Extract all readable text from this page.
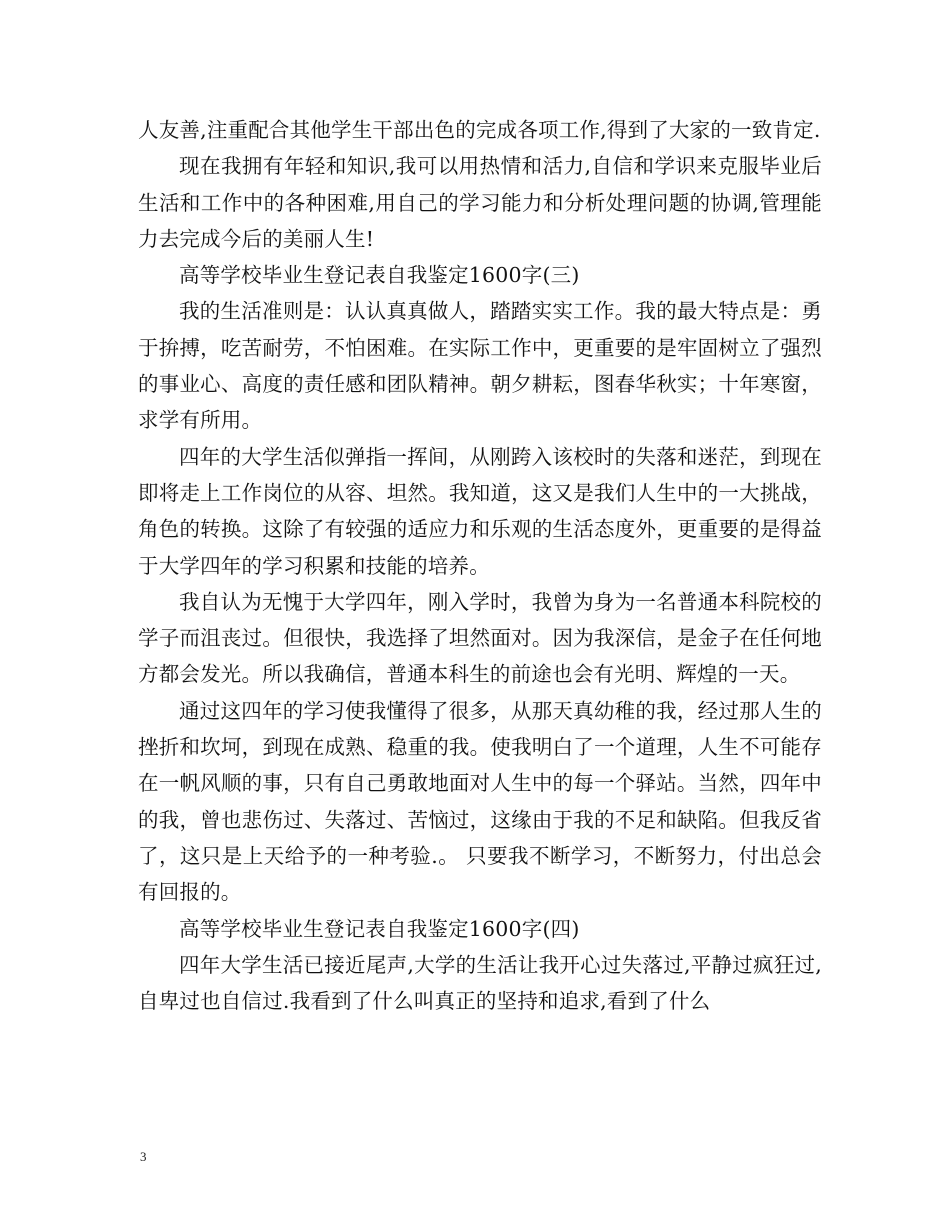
人友善,注重配合其他学生干部出色的完成各项工作,得到了大家的一致肯定.

现在我拥有年轻和知识,我可以用热情和活力,自信和学识来克服毕业后生活和工作中的各种困难,用自己的学习能力和分析处理问题的协调,管理能力去完成今后的美丽人生!

高等学校毕业生登记表自我鉴定1600字(三)

我的生活准则是：认认真真做人，踏踏实实工作。我的最大特点是：勇于拚搏，吃苦耐劳，不怕困难。在实际工作中，更重要的是牢固树立了强烈的事业心、高度的责任感和团队精神。朝夕耕耘，图春华秋实；十年寒窗，求学有所用。

四年的大学生活似弹指一挥间，从刚跨入该校时的失落和迷茫，到现在即将走上工作岗位的从容、坦然。我知道，这又是我们人生中的一大挑战，角色的转换。这除了有较强的适应力和乐观的生活态度外，更重要的是得益于大学四年的学习积累和技能的培养。

我自认为无愧于大学四年，刚入学时，我曾为身为一名普通本科院校的学子而沮丧过。但很快，我选择了坦然面对。因为我深信，是金子在任何地方都会发光。所以我确信，普通本科生的前途也会有光明、辉煌的一天。

通过这四年的学习使我懂得了很多，从那天真幼稚的我，经过那人生的挫折和坎坷，到现在成熟、稳重的我。使我明白了一个道理，人生不可能存在一帆风顺的事，只有自己勇敢地面对人生中的每一个驿站。当然，四年中的我，曾也悲伤过、失落过、苦恼过，这缘由于我的不足和缺陷。但我反省了，这只是上天给予的一种考验.。 只要我不断学习，不断努力，付出总会有回报的。

高等学校毕业生登记表自我鉴定1600字(四)

四年大学生活已接近尾声,大学的生活让我开心过失落过,平静过疯狂过,自卑过也自信过.我看到了什么叫真正的坚持和追求,看到了什么

3
